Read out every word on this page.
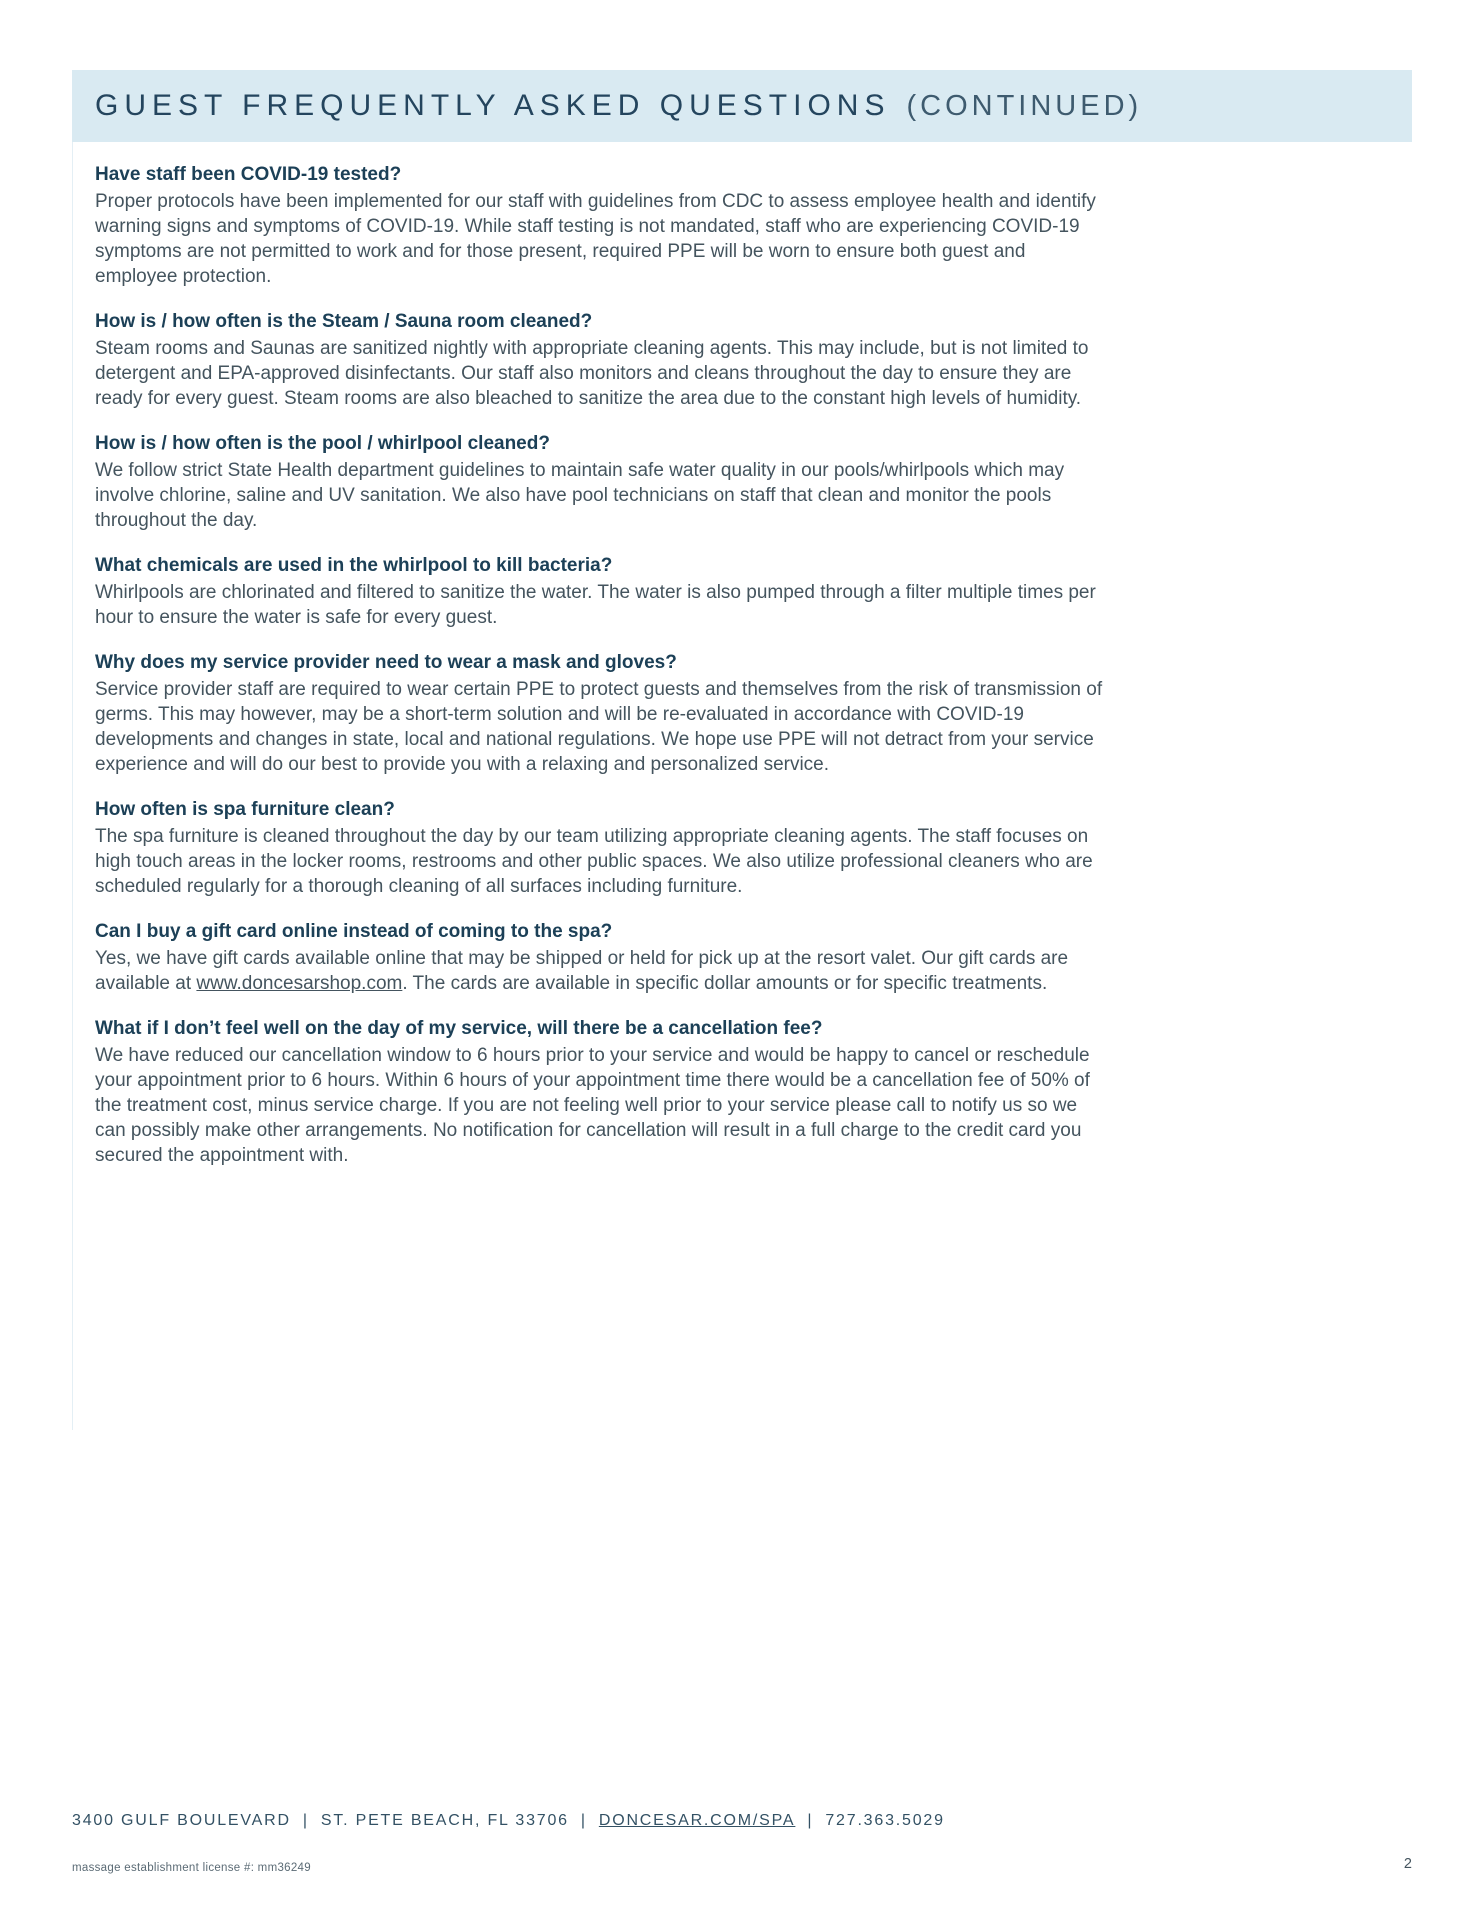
GUEST FREQUENTLY ASKED QUESTIONS (CONTINUED)
Have staff been COVID-19 tested?

Proper protocols have been implemented for our staff with guidelines from CDC to assess employee health and identify warning signs and symptoms of COVID-19. While staff testing is not mandated, staff who are experiencing COVID-19 symptoms are not permitted to work and for those present, required PPE will be worn to ensure both guest and employee protection.

How is / how often is the Steam / Sauna room cleaned?

Steam rooms and Saunas are sanitized nightly with appropriate cleaning agents. This may include, but is not limited to detergent and EPA-approved disinfectants. Our staff also monitors and cleans throughout the day to ensure they are ready for every guest. Steam rooms are also bleached to sanitize the area due to the constant high levels of humidity.

How is / how often is the pool / whirlpool cleaned?

We follow strict State Health department guidelines to maintain safe water quality in our pools/whirlpools which may involve chlorine, saline and UV sanitation. We also have pool technicians on staff that clean and monitor the pools throughout the day.

What chemicals are used in the whirlpool to kill bacteria?

Whirlpools are chlorinated and filtered to sanitize the water. The water is also pumped through a filter multiple times per hour to ensure the water is safe for every guest.

Why does my service provider need to wear a mask and gloves?

Service provider staff are required to wear certain PPE to protect guests and themselves from the risk of transmission of germs. This may however, may be a short-term solution and will be re-evaluated in accordance with COVID-19 developments and changes in state, local and national regulations. We hope use PPE will not detract from your service experience and will do our best to provide you with a relaxing and personalized service.

How often is spa furniture clean?

The spa furniture is cleaned throughout the day by our team utilizing appropriate cleaning agents. The staff focuses on high touch areas in the locker rooms, restrooms and other public spaces. We also utilize professional cleaners who are scheduled regularly for a thorough cleaning of all surfaces including furniture.

Can I buy a gift card online instead of coming to the spa?

Yes, we have gift cards available online that may be shipped or held for pick up at the resort valet. Our gift cards are available at www.doncesarshop.com. The cards are available in specific dollar amounts or for specific treatments.

What if I don’t feel well on the day of my service, will there be a cancellation fee?

We have reduced our cancellation window to 6 hours prior to your service and would be happy to cancel or reschedule your appointment prior to 6 hours. Within 6 hours of your appointment time there would be a cancellation fee of 50% of the treatment cost, minus service charge. If you are not feeling well prior to your service please call to notify us so we can possibly make other arrangements. No notification for cancellation will result in a full charge to the credit card you secured the appointment with.

3400 GULF BOULEVARD | ST. PETE BEACH, FL 33706 | DONCESAR.COM/SPA | 727.363.5029
massage establishment license #: mm36249	2
